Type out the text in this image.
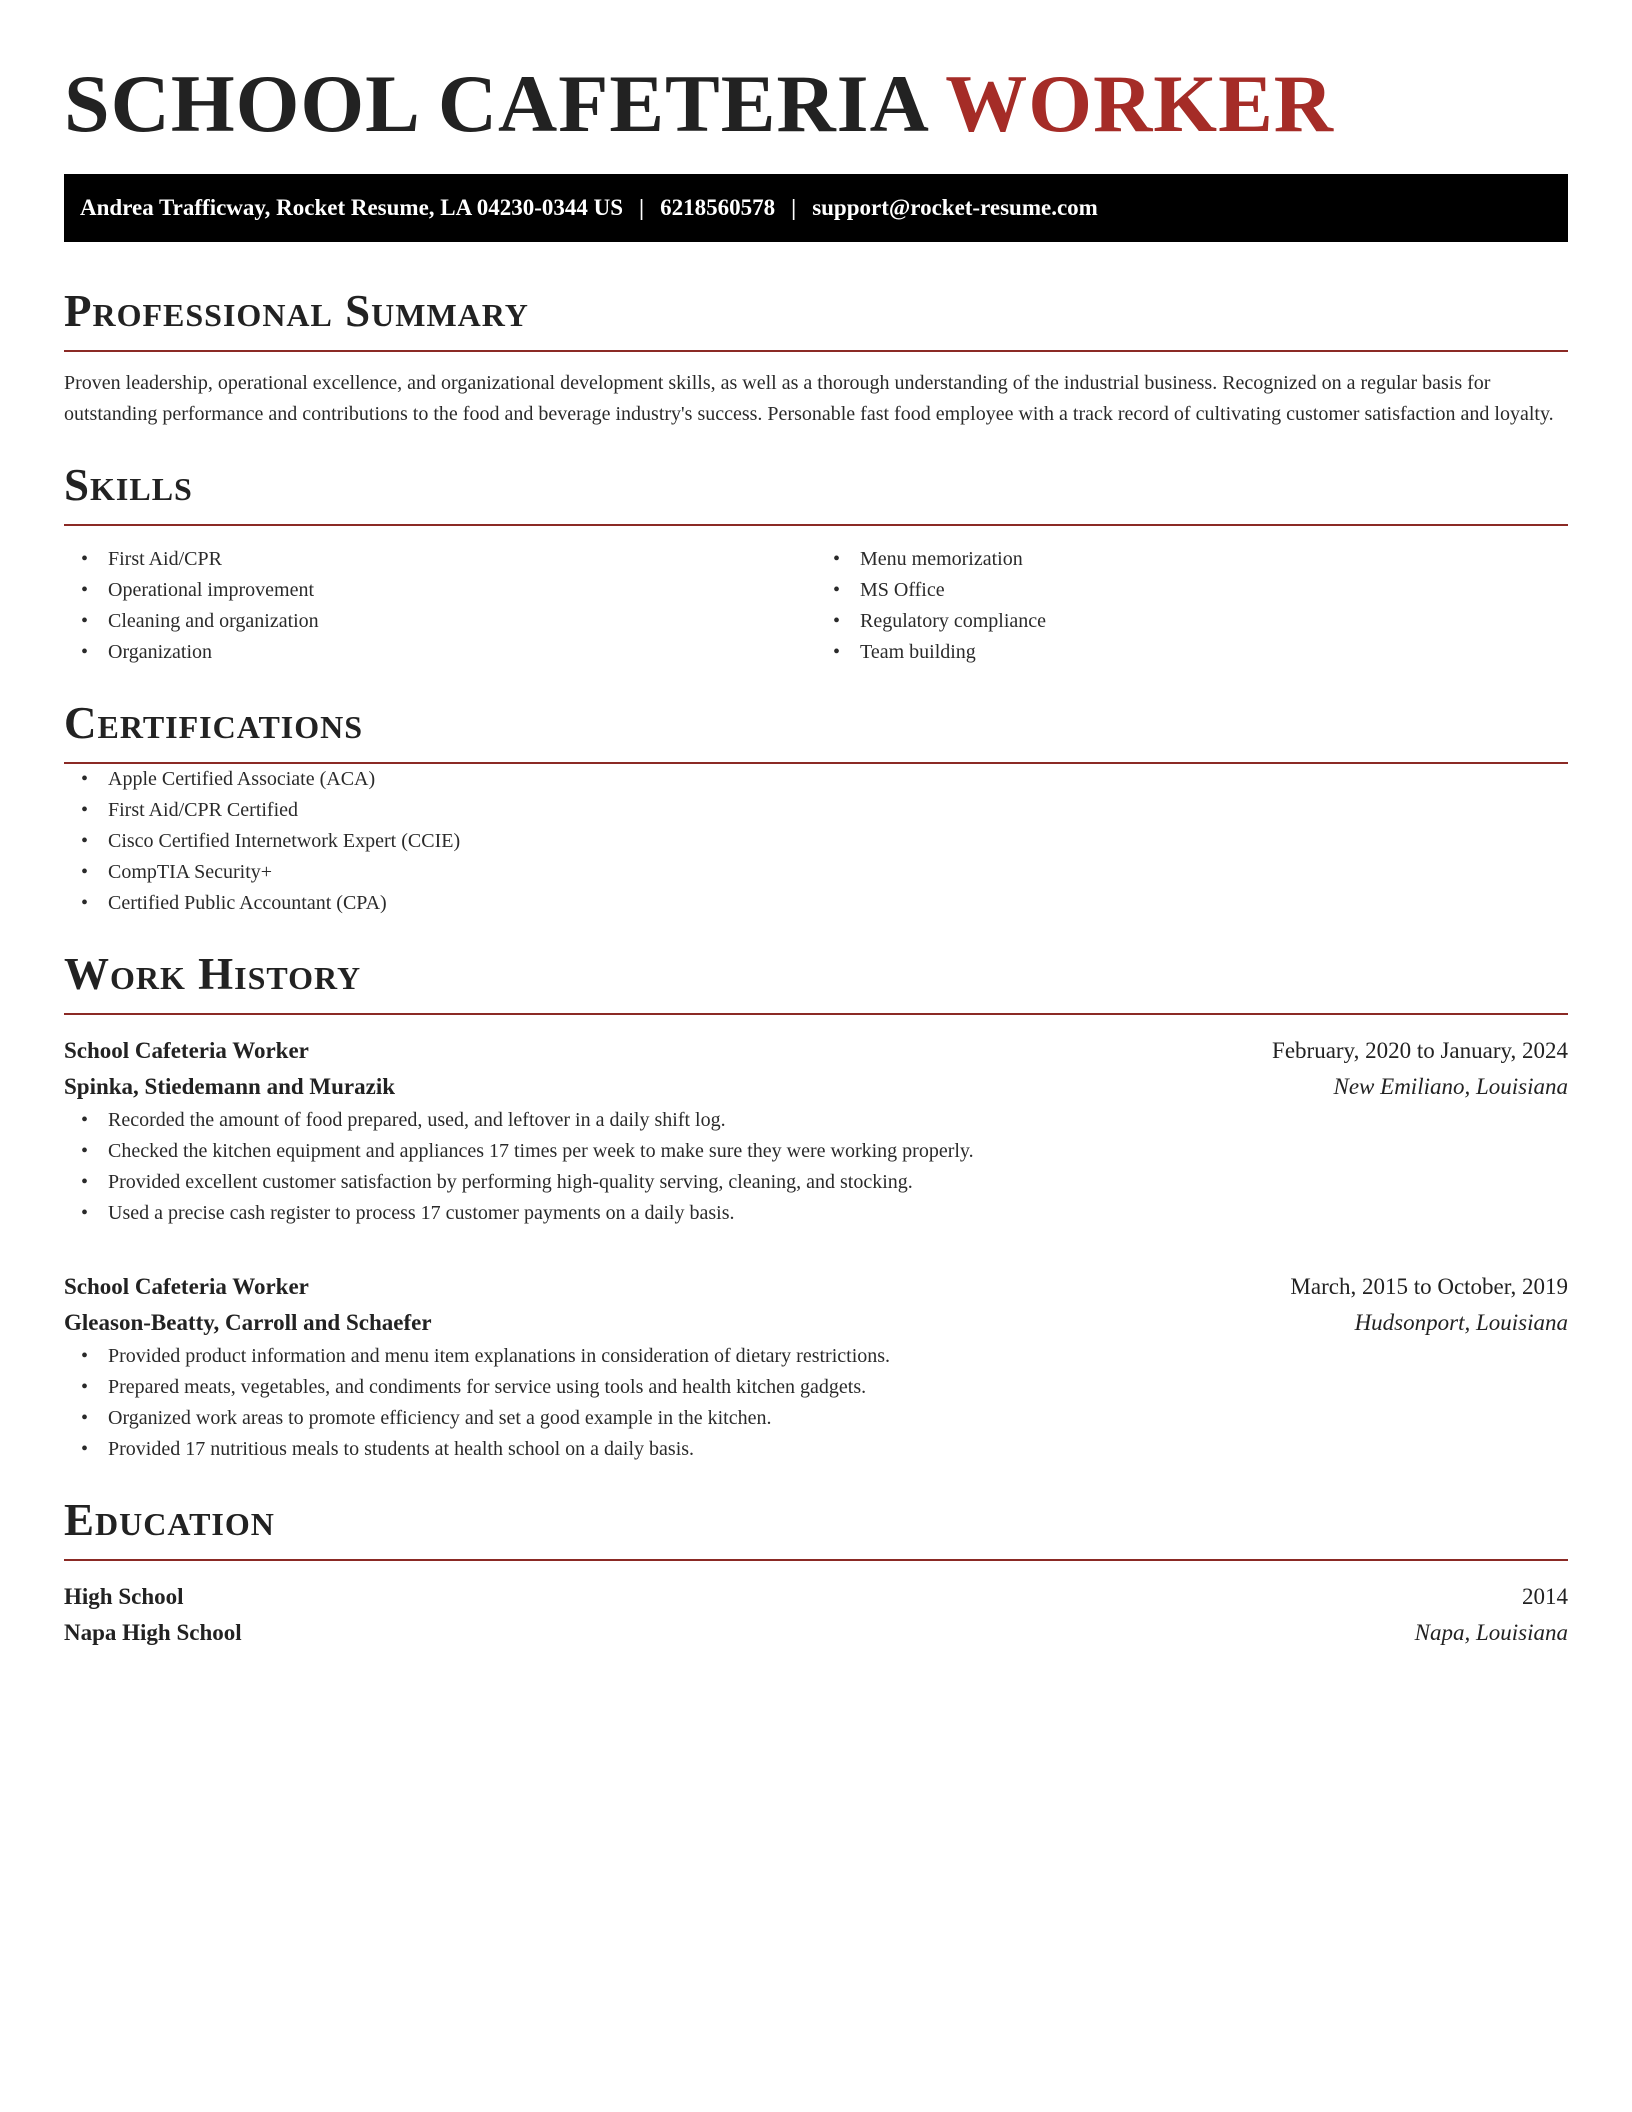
SCHOOL CAFETERIA WORKER
Andrea Trafficway, Rocket Resume, LA 04230-0344 US | 6218560578 | support@rocket-resume.com
Professional Summary

Proven leadership, operational excellence, and organizational development skills, as well as a thorough understanding of the industrial business. Recognized on a regular basis for outstanding performance and contributions to the food and beverage industry's success. Personable fast food employee with a track record of cultivating customer satisfaction and loyalty.

Skills
• First Aid/CPR
• Operational improvement
• Cleaning and organization
• Organization
• Menu memorization
• MS Office
• Regulatory compliance
• Team building
Certifications
• Apple Certified Associate (ACA)
• First Aid/CPR Certified
• Cisco Certified Internetwork Expert (CCIE)
• CompTIA Security+
• Certified Public Accountant (CPA)
Work History
School Cafeteria Worker	February, 2020 to January, 2024
Spinka, Stiedemann and Murazik	New Emiliano, Louisiana
• Recorded the amount of food prepared, used, and leftover in a daily shift log.
• Checked the kitchen equipment and appliances 17 times per week to make sure they were working properly.
• Provided excellent customer satisfaction by performing high-quality serving, cleaning, and stocking.
• Used a precise cash register to process 17 customer payments on a daily basis.
School Cafeteria Worker	March, 2015 to October, 2019
Gleason-Beatty, Carroll and Schaefer	Hudsonport, Louisiana
• Provided product information and menu item explanations in consideration of dietary restrictions.
• Prepared meats, vegetables, and condiments for service using tools and health kitchen gadgets.
• Organized work areas to promote efficiency and set a good example in the kitchen.
• Provided 17 nutritious meals to students at health school on a daily basis.
Education
High School	2014
Napa High School	Napa, Louisiana
